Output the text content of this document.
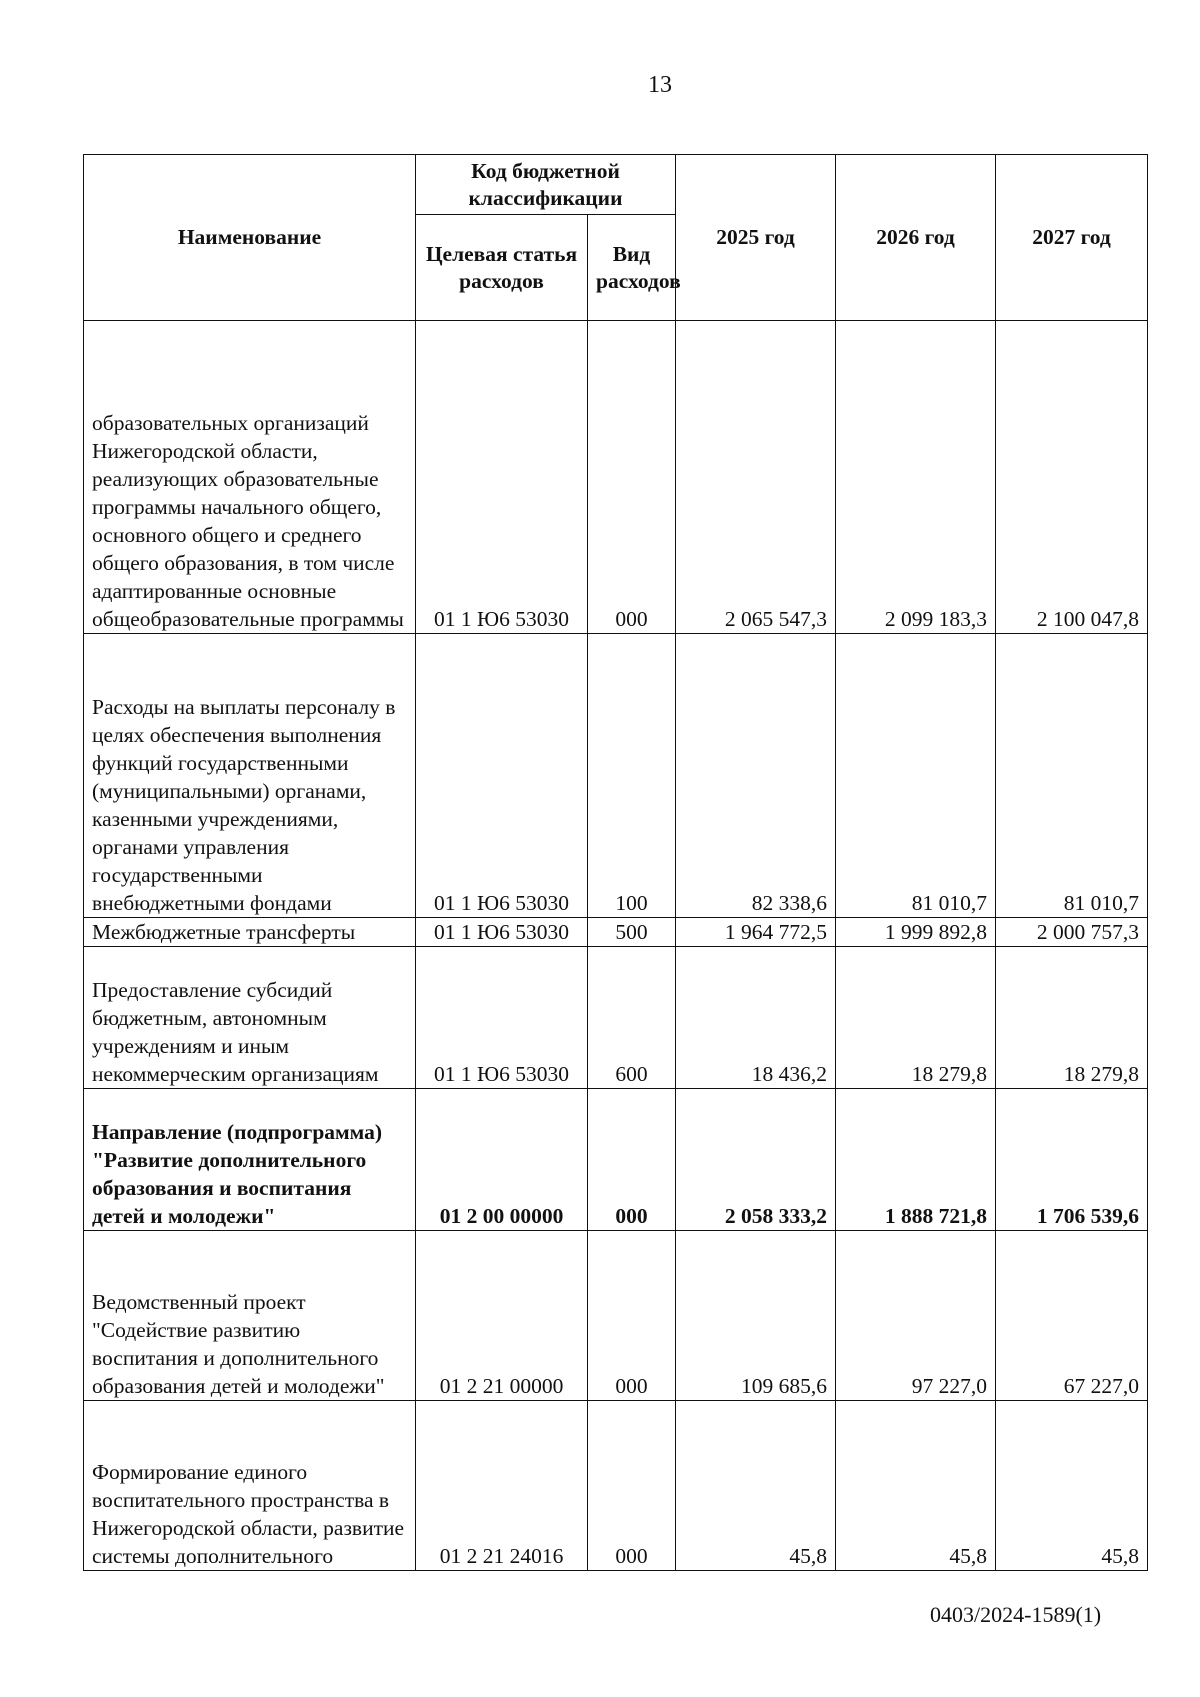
13
Наименование	Код бюджетной классификации		2025 год	2026 год	2027 год
	Целевая статья расходов	Вид расходов			
образовательных организаций Нижегородской области, реализующих образовательные программы начального общего, основного общего и среднего общего образования, в том числе адаптированные основные общеобразовательные программы	01 1 Ю6 53030	000	2 065 547,3	2 099 183,3	2 100 047,8
Расходы на выплаты персоналу в целях обеспечения выполнения функций государственными (муниципальными) органами, казенными учреждениями, органами управления государственными внебюджетными фондами	01 1 Ю6 53030	100	82 338,6	81 010,7	81 010,7
Межбюджетные трансферты	01 1 Ю6 53030	500	1 964 772,5	1 999 892,8	2 000 757,3
Предоставление субсидий бюджетным, автономным учреждениям и иным некоммерческим организациям	01 1 Ю6 53030	600	18 436,2	18 279,8	18 279,8
Направление (подпрограмма) "Развитие дополнительного образования и воспитания детей и молодежи"	01 2 00 00000	000	2 058 333,2	1 888 721,8	1 706 539,6
Ведомственный проект "Содействие развитию воспитания и дополнительного образования детей и молодежи"	01 2 21 00000	000	109 685,6	97 227,0	67 227,0
Формирование единого воспитательного пространства в Нижегородской области, развитие системы дополнительного	01 2 21 24016	000	45,8	45,8	45,8
0403/2024-1589(1)
